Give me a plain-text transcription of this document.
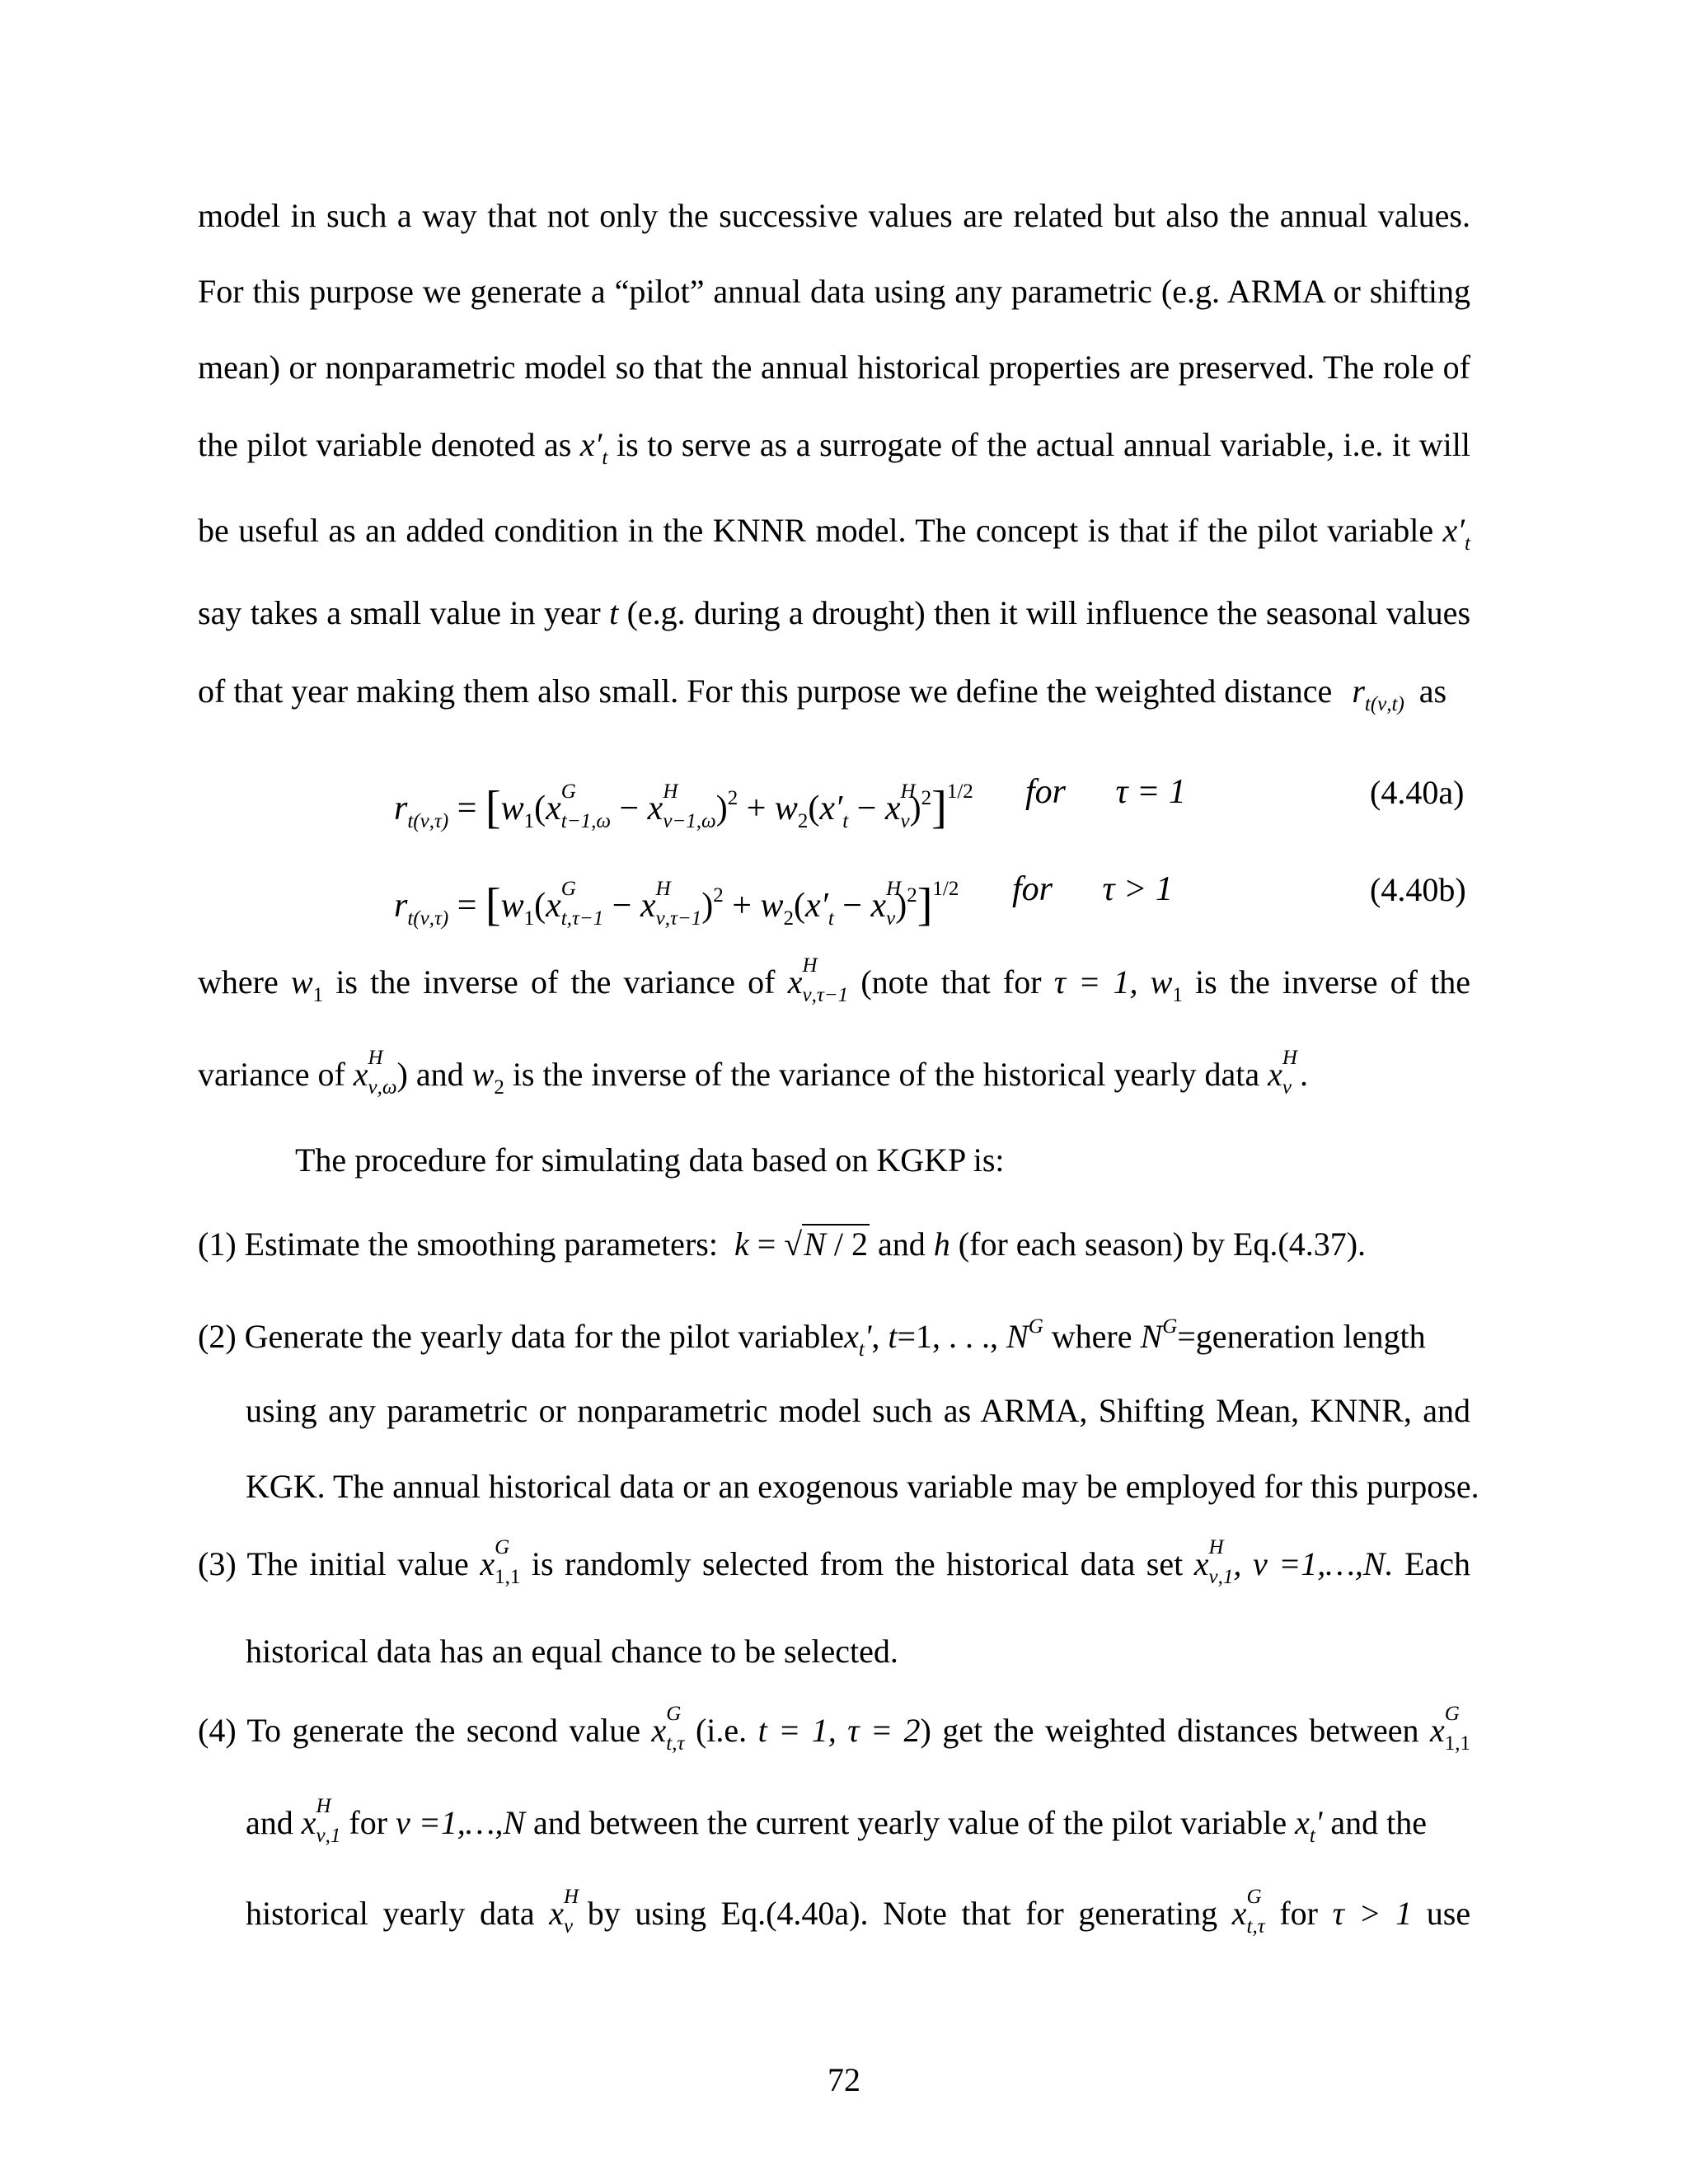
model in such a way that not only the successive values are related but also the annual values.
For this purpose we generate a “pilot” annual data using any parametric (e.g. ARMA or shifting
mean) or nonparametric model so that the annual historical properties are preserved. The role of
the pilot variable denoted as $x'_t$ is to serve as a surrogate of the actual annual variable, i.e. it will
be useful as an added condition in the KNNR model. The concept is that if the pilot variable $x'_t$
say takes a small value in year t (e.g. during a drought) then it will influence the seasonal values
of that year making them also small. For this purpose we define the weighted distance $r_{t(\nu,t)}$ as
$r_{t(\nu,\tau)} = [w_1(x$ G
$_{t-1,\omega}$ − x H
$_{\nu-1,\omega})^2 + w_2(x'_t - x$ H
$_\nu$)$^2$]$^{1/2}$ for τ = 1	(4.40a)
$r_{t(\nu,\tau)} = [w_1(x$ G
$_{t,\tau-1}$ − x H
$_{\nu,\tau-1})^2 + w_2(x'_t - x$ H
$_\nu$)$^2$]$^{1/2}$ for τ > 1	(4.40b)
where $w_1$ is the inverse of the variance of x H
$_{\nu,\tau-1}$ (note that for τ = 1, $w_1$ is the inverse of the
variance of x H
$_{\nu,\omega}$) and $w_2$ is the inverse of the variance of the historical yearly data x H
$_\nu$ .
The procedure for simulating data based on KGKP is:
(1) Estimate the smoothing parameters: k = √N / 2 and h (for each season) by Eq.(4.37).
(2) Generate the yearly data for the pilot variablex$_t$', t=1, . . ., $N^G$ where $N^G=generation$ length
using any parametric or nonparametric model such as ARMA, Shifting Mean, KNNR, and
KGK. The annual historical data or an exogenous variable may be employed for this purpose.
(3) The initial value x G
$_{1,1}$ is randomly selected from the historical data set x H
$_{\nu,1}$, ν =1,…,N. Each
historical data has an equal chance to be selected.
(4) To generate the second value x G
$_{t,\tau}$ (i.e. t = 1, τ = 2) get the weighted distances between x G
$_{1,1}$
and x H
$_{\nu,1}$ for ν =1,…,N and between the current yearly value of the pilot variable $x_t'$ and the
historical yearly data x H
$_\nu$ by using Eq.(4.40a). Note that for generating x G
$_{t,\tau}$ for τ > 1 use
72
